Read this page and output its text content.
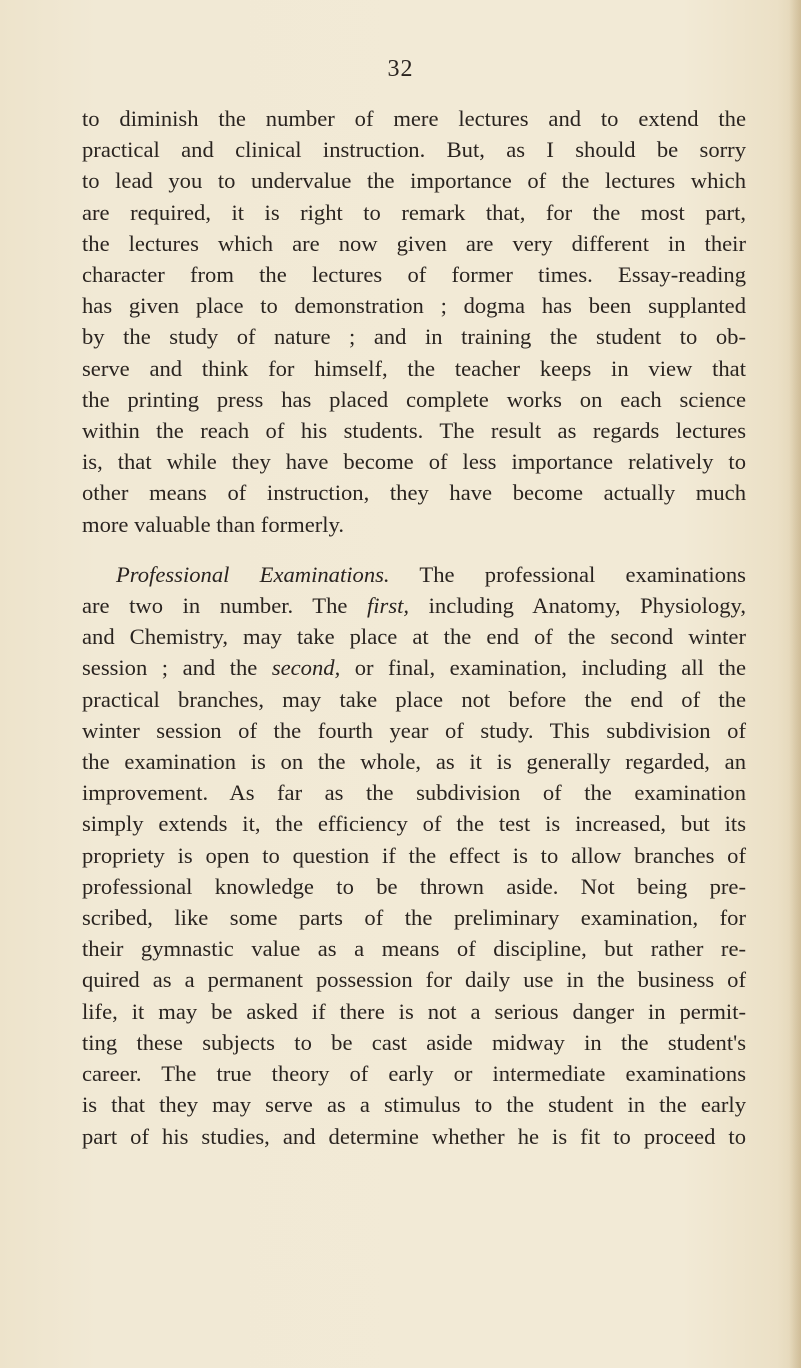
32

to diminish the number of mere lectures and to extend the
practical and clinical instruction. But, as I should be sorry
to lead you to undervalue the importance of the lectures which
are required, it is right to remark that, for the most part,
the lectures which are now given are very different in their
character from the lectures of former times. Essay-reading
has given place to demonstration ; dogma has been supplanted
by the study of nature ; and in training the student to ob-
serve and think for himself, the teacher keeps in view that
the printing press has placed complete works on each science
within the reach of his students. The result as regards lectures
is, that while they have become of less importance relatively to
other means of instruction, they have become actually much
more valuable than formerly.

Professional Examinations. The professional examinations
are two in number. The first, including Anatomy, Physiology,
and Chemistry, may take place at the end of the second winter
session ; and the second, or final, examination, including all the
practical branches, may take place not before the end of the
winter session of the fourth year of study. This subdivision of
the examination is on the whole, as it is generally regarded, an
improvement. As far as the subdivision of the examination
simply extends it, the efficiency of the test is increased, but its
propriety is open to question if the effect is to allow branches of
professional knowledge to be thrown aside. Not being pre-
scribed, like some parts of the preliminary examination, for
their gymnastic value as a means of discipline, but rather re-
quired as a permanent possession for daily use in the business of
life, it may be asked if there is not a serious danger in permit-
ting these subjects to be cast aside midway in the student's
career. The true theory of early or intermediate examinations
is that they may serve as a stimulus to the student in the early
part of his studies, and determine whether he is fit to proceed to
